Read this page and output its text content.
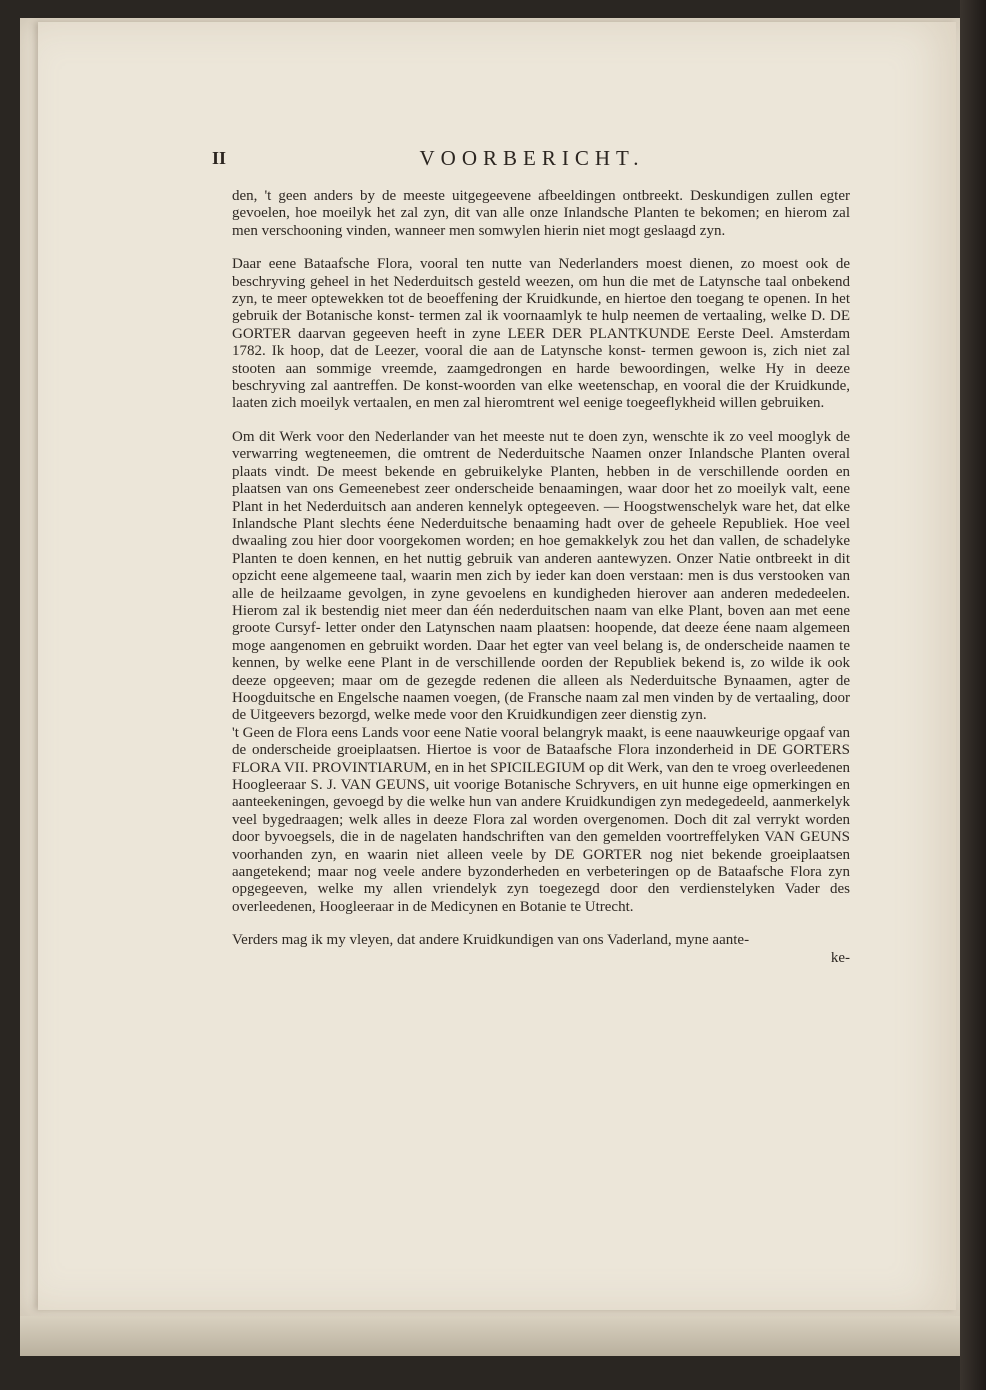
II	VOORBERICHT.

den, 't geen anders by de meeste uitgegeevene afbeeldingen ontbreekt. Deskundigen zullen egter gevoelen, hoe moeilyk het zal zyn, dit van alle onze Inlandsche Planten te bekomen; en hierom zal men verschooning vinden, wanneer men somwylen hierin niet mogt geslaagd zyn.

Daar eene Bataafsche Flora, vooral ten nutte van Nederlanders moest dienen, zo moest ook de beschryving geheel in het Nederduitsch gesteld weezen, om hun die met de Latynsche taal onbekend zyn, te meer optewekken tot de beoeffening der Kruidkunde, en hiertoe den toegang te openen. In het gebruik der Botanische konst- termen zal ik voornaamlyk te hulp neemen de vertaaling, welke D. DE GORTER daarvan gegeeven heeft in zyne LEER DER PLANTKUNDE Eerste Deel. Amsterdam 1782. Ik hoop, dat de Leezer, vooral die aan de Latynsche konst- termen gewoon is, zich niet zal stooten aan sommige vreemde, zaamgedrongen en harde bewoordingen, welke Hy in deeze beschryving zal aantreffen. De konst-woorden van elke weetenschap, en vooral die der Kruidkunde, laaten zich moeilyk vertaalen, en men zal hieromtrent wel eenige toegeeflykheid willen gebruiken.

Om dit Werk voor den Nederlander van het meeste nut te doen zyn, wenschte ik zo veel mooglyk de verwarring wegteneemen, die omtrent de Nederduitsche Naamen onzer Inlandsche Planten overal plaats vindt. De meest bekende en gebruikelyke Planten, hebben in de verschillende oorden en plaatsen van ons Gemeenebest zeer onderscheide benaamingen, waar door het zo moeilyk valt, eene Plant in het Nederduitsch aan anderen kennelyk optegeeven. — Hoogstwenschelyk ware het, dat elke Inlandsche Plant slechts éene Nederduitsche benaaming hadt over de geheele Republiek. Hoe veel dwaaling zou hier door voorgekomen worden; en hoe gemakkelyk zou het dan vallen, de schadelyke Planten te doen kennen, en het nuttig gebruik van anderen aantewyzen. Onzer Natie ontbreekt in dit opzicht eene algemeene taal, waarin men zich by ieder kan doen verstaan: men is dus verstooken van alle de heilzaame gevolgen, in zyne gevoelens en kundigheden hierover aan anderen mededeelen. Hierom zal ik bestendig niet meer dan één nederduitschen naam van elke Plant, boven aan met eene groote Cursyf- letter onder den Latynschen naam plaatsen: hoopende, dat deeze éene naam algemeen moge aangenomen en gebruikt worden. Daar het egter van veel belang is, de onderscheide naamen te kennen, by welke eene Plant in de verschillende oorden der Republiek bekend is, zo wilde ik ook deeze opgeeven; maar om de gezegde redenen die alleen als Nederduitsche Bynaamen, agter de Hoogduitsche en Engelsche naamen voegen, (de Fransche naam zal men vinden by de vertaaling, door de Uitgeevers bezorgd, welke mede voor den Kruidkundigen zeer dienstig zyn.

't Geen de Flora eens Lands voor eene Natie vooral belangryk maakt, is eene naauwkeurige opgaaf van de onderscheide groeiplaatsen. Hiertoe is voor de Bataafsche Flora inzonderheid in DE GORTERS FLORA VII. PROVINTIARUM, en in het SPICILEGIUM op dit Werk, van den te vroeg overleedenen Hoogleeraar S. J. VAN GEUNS, uit voorige Botanische Schryvers, en uit hunne eige opmerkingen en aanteekeningen, gevoegd by die welke hun van andere Kruidkundigen zyn medegedeeld, aanmerkelyk veel bygedraagen; welk alles in deeze Flora zal worden overgenomen. Doch dit zal verrykt worden door byvoegsels, die in de nagelaten handschriften van den gemelden voortreffelyken VAN GEUNS voorhanden zyn, en waarin niet alleen veele by DE GORTER nog niet bekende groeiplaatsen aangetekend; maar nog veele andere byzonderheden en verbeteringen op de Bataafsche Flora zyn opgegeeven, welke my allen vriendelyk zyn toegezegd door den verdienstelyken Vader des overleedenen, Hoogleeraar in de Medicynen en Botanie te Utrecht.

Verders mag ik my vleyen, dat andere Kruidkundigen van ons Vaderland, myne aante-

ke-
